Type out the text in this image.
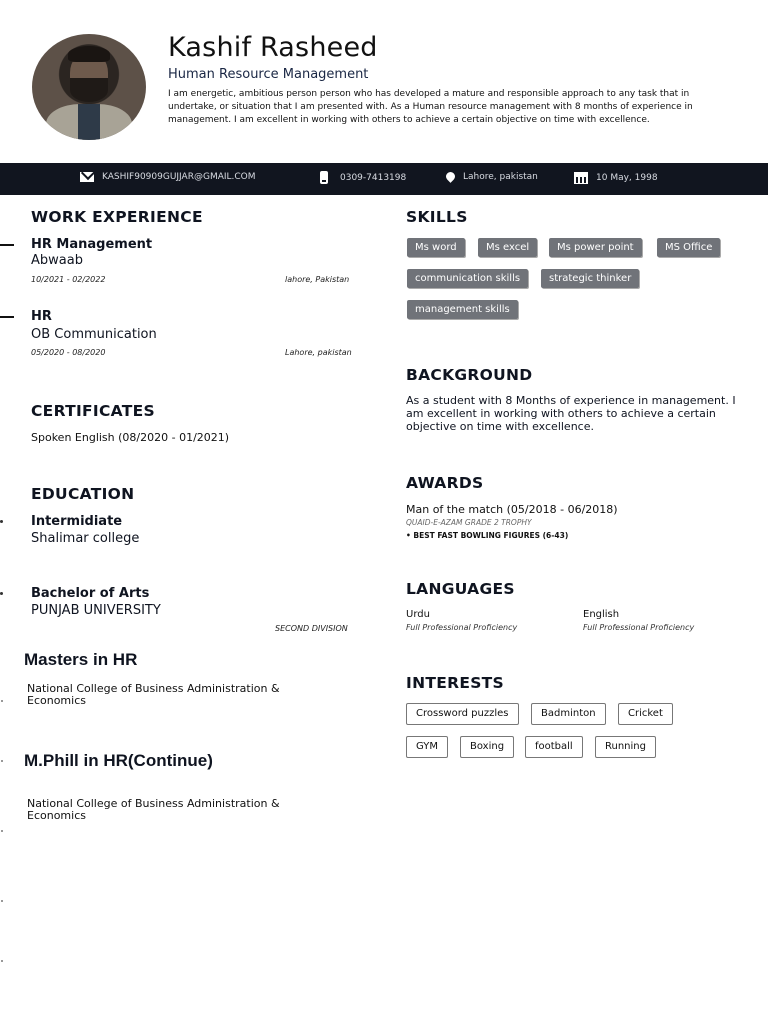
Kashif Rasheed
Human Resource Management
I am energetic, ambitious person person who has developed a mature and responsible approach to any task that in undertake, or situation that I am presented with. As a Human resource management with 8 months of experience in management. I am excellent in working with others to achieve a certain objective on time with excellence.
KASHIF90909GUJJAR@GMAIL.COM	0309-7413198	Lahore, pakistan	10 May, 1998
WORK EXPERIENCE
HR Management
Abwaab
10/2021 - 02/2022	lahore, Pakistan
HR
OB Communication
05/2020 - 08/2020	Lahore, pakistan
CERTIFICATES
Spoken English (08/2020 - 01/2021)
EDUCATION
Intermidiate
Shalimar college
Bachelor of Arts
PUNJAB UNIVERSITY
SECOND DIVISION
Masters in HR
National College of Business Administration & Economics
M.Phill in HR(Continue)
National College of Business Administration & Economics
SKILLS
Ms word	Ms excel	Ms power point	MS Office
communication skills	strategic thinker
management skills
BACKGROUND
As a student with 8 Months of experience in management. I am excellent in working with others to achieve a certain objective on time with excellence.
AWARDS
Man of the match (05/2018 - 06/2018)
QUAID-E-AZAM GRADE 2 TROPHY
• BEST FAST BOWLING FIGURES (6-43)
LANGUAGES
Urdu
Full Professional Proficiency
English
Full Professional Proficiency
INTERESTS
Crossword puzzles	Badminton	Cricket
GYM	Boxing	football	Running
